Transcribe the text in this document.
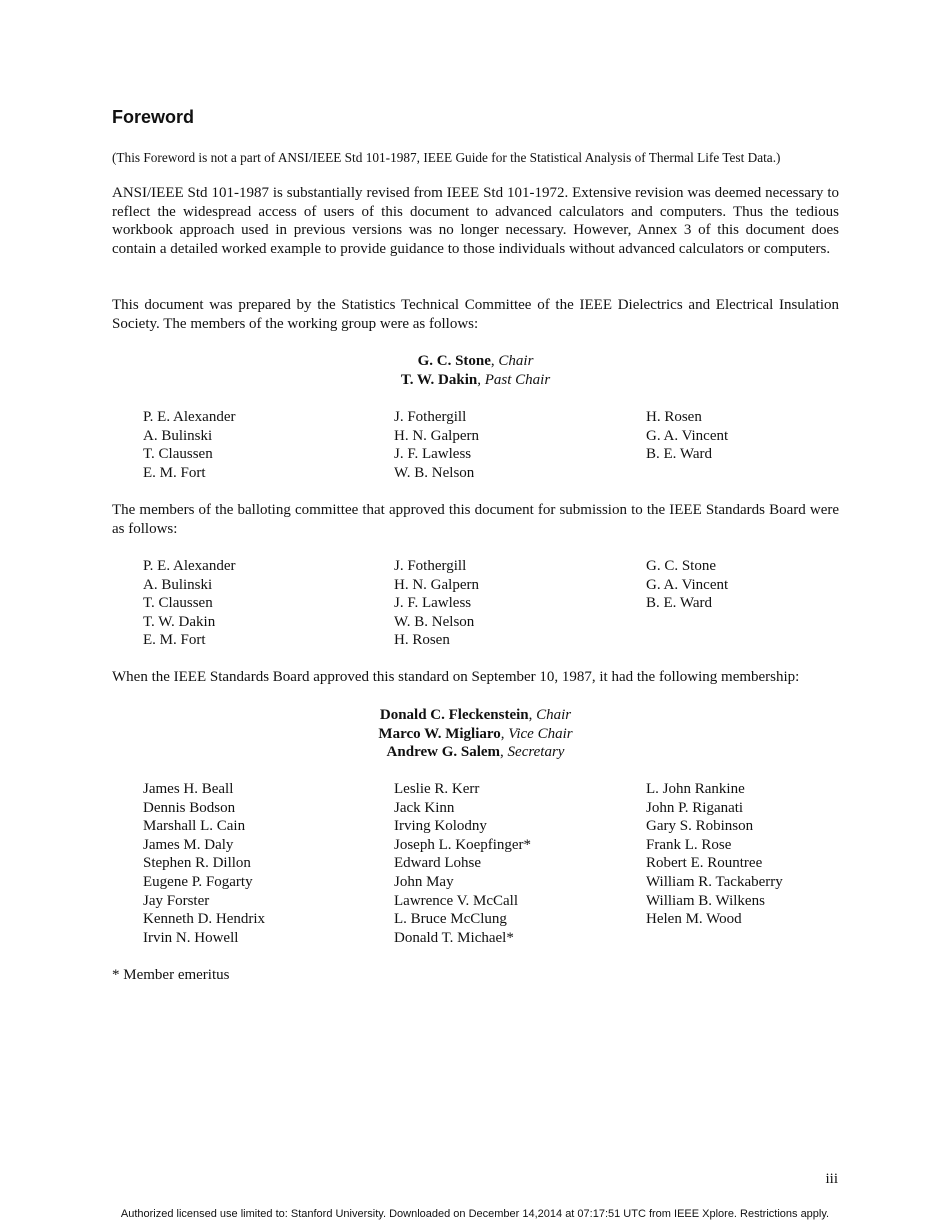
Foreword
(This Foreword is not a part of ANSI/IEEE Std 101-1987, IEEE Guide for the Statistical Analysis of Thermal Life Test Data.)

ANSI/IEEE Std 101-1987 is substantially revised from IEEE Std 101-1972. Extensive revision was deemed necessary to reflect the widespread access of users of this document to advanced calculators and computers. Thus the tedious workbook approach used in previous versions was no longer necessary. However, Annex 3 of this document does contain a detailed worked example to provide guidance to those individuals without advanced calculators or computers.

This document was prepared by the Statistics Technical Committee of the IEEE Dielectrics and Electrical Insulation Society. The members of the working group were as follows:

G. C. Stone, Chair
T. W. Dakin, Past Chair
P. E. Alexander
A. Bulinski
T. Claussen
E. M. Fort
J. Fothergill
H. N. Galpern
J. F. Lawless
W. B. Nelson
H. Rosen
G. A. Vincent
B. E. Ward

The members of the balloting committee that approved this document for submission to the IEEE Standards Board were as follows:

P. E. Alexander
A. Bulinski
T. Claussen
T. W. Dakin
E. M. Fort
J. Fothergill
H. N. Galpern
J. F. Lawless
W. B. Nelson
H. Rosen
G. C. Stone
G. A. Vincent
B. E. Ward

When the IEEE Standards Board approved this standard on September 10, 1987, it had the following membership:

Donald C. Fleckenstein, Chair
Marco W. Migliaro, Vice Chair
Andrew G. Salem, Secretary
James H. Beall
Dennis Bodson
Marshall L. Cain
James M. Daly
Stephen R. Dillon
Eugene P. Fogarty
Jay Forster
Kenneth D. Hendrix
Irvin N. Howell
Leslie R. Kerr
Jack Kinn
Irving Kolodny
Joseph L. Koepfinger*
Edward Lohse
John May
Lawrence V. McCall
L. Bruce McClung
Donald T. Michael*
L. John Rankine
John P. Riganati
Gary S. Robinson
Frank L. Rose
Robert E. Rountree
William R. Tackaberry
William B. Wilkens
Helen M. Wood
* Member emeritus
iii
Authorized licensed use limited to: Stanford University. Downloaded on December 14,2014 at 07:17:51 UTC from IEEE Xplore. Restrictions apply.
